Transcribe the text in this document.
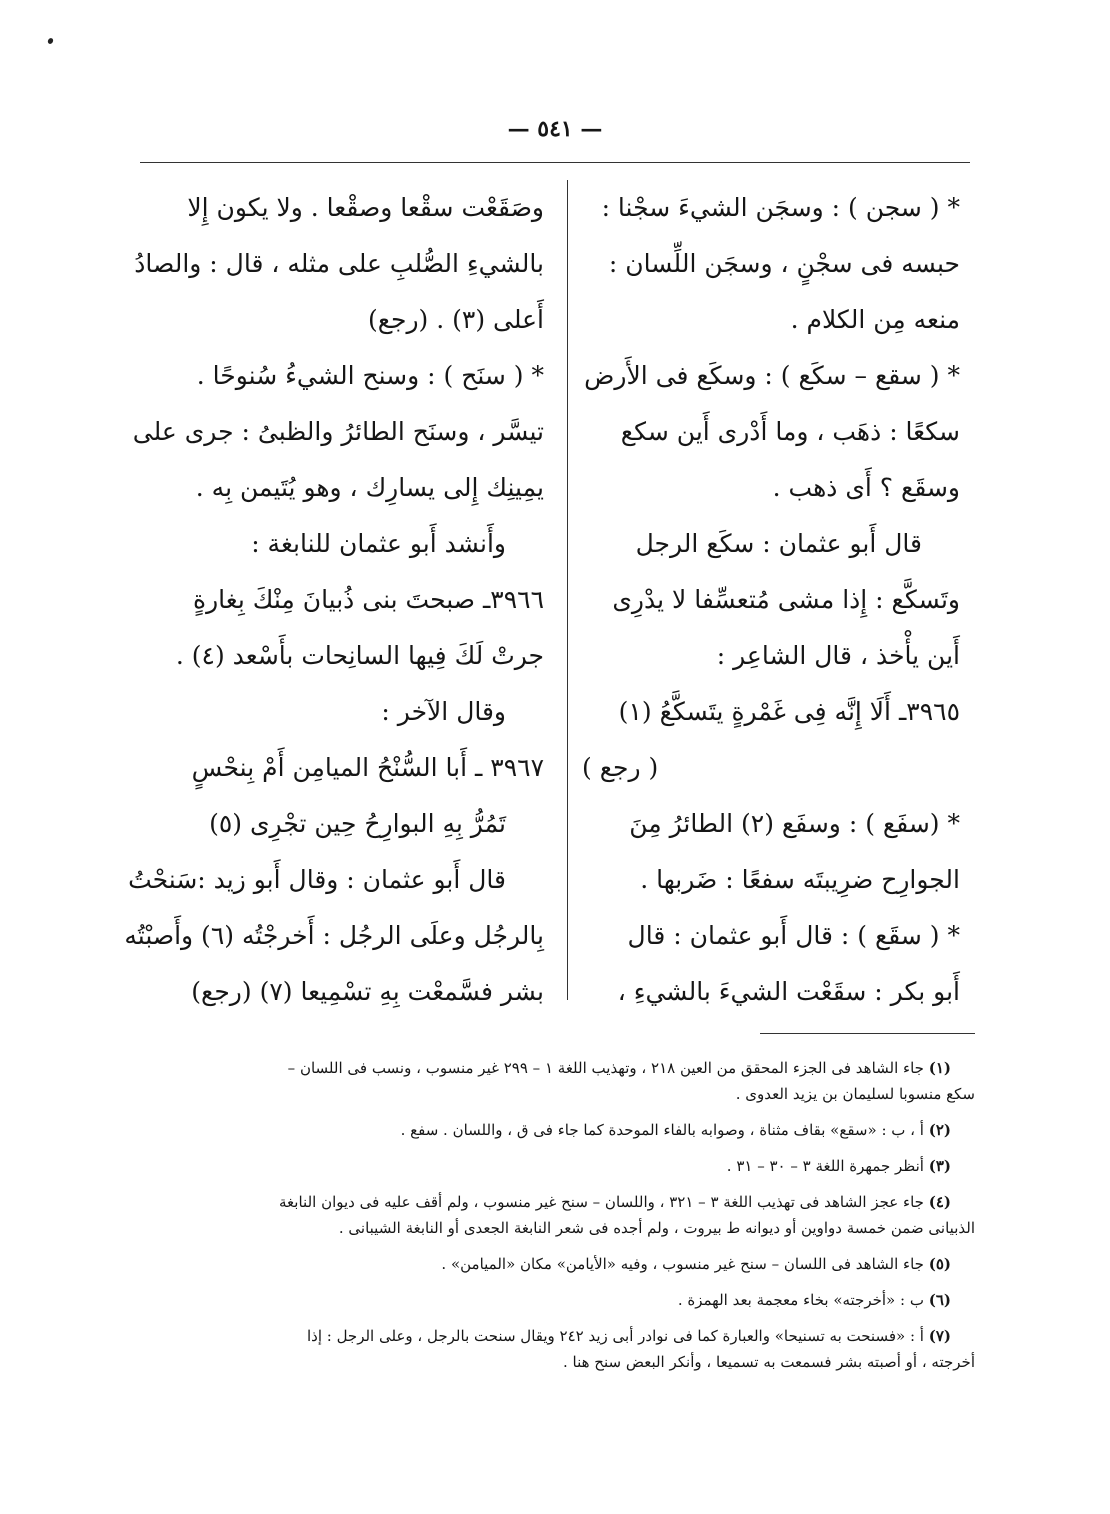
— ٥٤١ —
* ( سجن ) : وسجَن الشيءَ سجْنا :
حبسه فى سجْنٍ ، وسجَن اللِّسان :
منعه مِن الكلام .
* ( سقع – سكَع ) : وسكَع فى الأَرض
سكعًا : ذهَب ، وما أَدْرى أَين سكع
وسقَع ؟ أَى ذهب .
قال أَبو عثمان : سكَع الرجل
وتَسكَّع : إِذا مشى مُتعسِّفا لا يدْرِى
أَين يأْخذ ، قال الشاعِر :
٣٩٦٥ـ أَلَا إِنَّه فِى غَمْرةٍ يتَسكَّعُ (١)
( رجع )
* (سفَع ) : وسفَع (٢) الطائرُ مِنَ
الجوارِح ضرِيبتَه سفعًا : ضَربها .
* ( سقَع ) : قال أَبو عثمان : قال
أَبو بكر : سقَعْت الشيءَ بالشيءِ ،
وصَقَعْت سقْعا وصقْعا . ولا يكون إِلا
بالشيءِ الصُّلبِ على مثله ، قال : والصادُ
أَعلى (٣) . (رجع)
* ( سنَح ) : وسنح الشيءُ سُنوحًا .
تيسَّر ، وسنَح الطائرُ والظبىُ : جرى على
يمِينِك إِلى يسارِك ، وهو يُتَيمن بِه .
وأَنشد أَبو عثمان للنابغة :
٣٩٦٦ـ صبحتَ بنى ذُبيانَ مِنْكَ بِغارةٍ
جرتْ لَكَ فِيها السانِحات بأَسْعد (٤) .
وقال الآخر :
٣٩٦٧ ـ أَبا السُّنْحُ الميامِن أَمْ بِنحْسٍ
تَمُرُّ بِهِ البوارِحُ حِين تجْرِى (٥)
قال أَبو عثمان : وقال أَبو زيد :سَنحْتُ
بِالرجُل وعلَى الرجُل : أَخرجْتُه (٦) وأَصبْتُه
بشر فسَّمعْت بِهِ تسْمِيعا (٧) (رجع)
(١) جاء الشاهد فى الجزء المحقق من العين ٢١٨ ، وتهذيب اللغة ١ – ٢٩٩ غير منسوب ، ونسب فى اللسان –
سكع منسوبا لسليمان بن يزيد العدوى .
(٢) أ ، ب : «سقع» بقاف مثناة ، وصوابه بالفاء الموحدة كما جاء فى ق ، واللسان . سفع .
(٣) أنظر جمهرة اللغة ٣ – ٣٠ – ٣١ .
(٤) جاء عجز الشاهد فى تهذيب اللغة ٣ – ٣٢١ ، واللسان – سنح غير منسوب ، ولم أقف عليه فى ديوان النابغة
الذبيانى ضمن خمسة دواوين أو ديوانه ط بيروت ، ولم أجده فى شعر النابغة الجعدى أو النابغة الشيبانى .
(٥) جاء الشاهد فى اللسان – سنح غير منسوب ، وفيه «الأيامن» مكان «الميامن» .
(٦) ب : «أخرجته» بخاء معجمة بعد الهمزة .
(٧) أ : «فسنحت به تسنيحا» والعبارة كما فى نوادر أبى زيد ٢٤٢ ويقال سنحت بالرجل ، وعلى الرجل : إذا
أخرجته ، أو أصبته بشر فسمعت به تسميعا ، وأنكر البعض سنح هنا .
